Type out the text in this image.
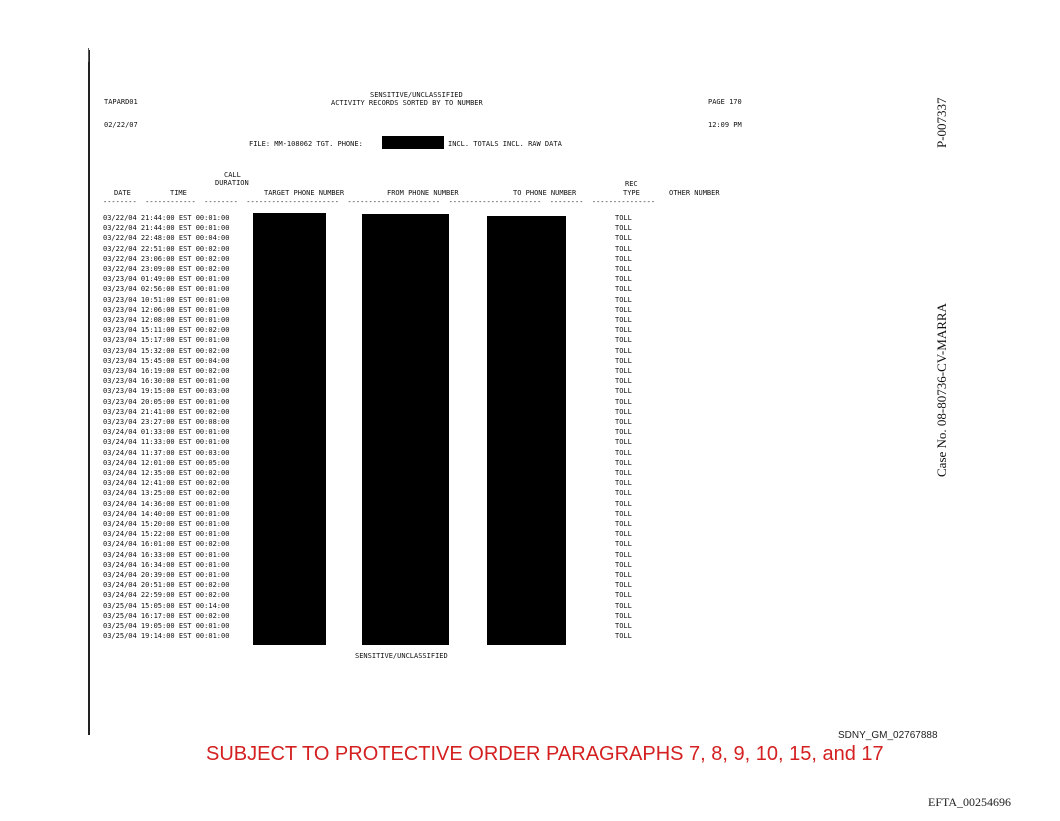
TAPARD01
02/22/07
SENSITIVE/UNCLASSIFIED
ACTIVITY RECORDS SORTED BY TO NUMBER	PAGE 170
12:09 PM
FILE: MM-108062 TGT. PHONE:	INCL. TOTALS INCL. RAW DATA
CALL
DURATION
DATE	TIME	TARGET PHONE NUMBER	FROM PHONE NUMBER	TO PHONE NUMBER
REC
TYPE	OTHER NUMBER
--------  ------------  --------  ----------------------  ----------------------  ----------------------  --------  ---------------
03/22/04 21:44:00 EST 00:01:00	TOLL
03/22/04 21:44:00 EST 00:01:00	TOLL
03/22/04 22:48:00 EST 00:04:00	TOLL
03/22/04 22:51:00 EST 00:02:00	TOLL
03/22/04 23:06:00 EST 00:02:00	TOLL
03/22/04 23:09:00 EST 00:02:00	TOLL
03/23/04 01:49:00 EST 00:01:00	TOLL
03/23/04 02:56:00 EST 00:01:00	TOLL
03/23/04 10:51:00 EST 00:01:00	TOLL
03/23/04 12:06:00 EST 00:01:00	TOLL
03/23/04 12:08:00 EST 00:01:00	TOLL
03/23/04 15:11:00 EST 00:02:00	TOLL
03/23/04 15:17:00 EST 00:01:00	TOLL
03/23/04 15:32:00 EST 00:02:00	TOLL
03/23/04 15:45:00 EST 00:04:00	TOLL
03/23/04 16:19:00 EST 00:02:00	TOLL
03/23/04 16:30:00 EST 00:01:00	TOLL
03/23/04 19:15:00 EST 00:03:00	TOLL
03/23/04 20:05:00 EST 00:01:00	TOLL
03/23/04 21:41:00 EST 00:02:00	TOLL
03/23/04 23:27:00 EST 00:08:00	TOLL
03/24/04 01:33:00 EST 00:01:00	TOLL
03/24/04 11:33:00 EST 00:01:00	TOLL
03/24/04 11:37:00 EST 00:03:00	TOLL
03/24/04 12:01:00 EST 00:05:00	TOLL
03/24/04 12:35:00 EST 00:02:00	TOLL
03/24/04 12:41:00 EST 00:02:00	TOLL
03/24/04 13:25:00 EST 00:02:00	TOLL
03/24/04 14:36:00 EST 00:01:00	TOLL
03/24/04 14:40:00 EST 00:01:00	TOLL
03/24/04 15:20:00 EST 00:01:00	TOLL
03/24/04 15:22:00 EST 00:01:00	TOLL
03/24/04 16:01:00 EST 00:02:00	TOLL
03/24/04 16:33:00 EST 00:01:00	TOLL
03/24/04 16:34:00 EST 00:01:00	TOLL
03/24/04 20:39:00 EST 00:01:00	TOLL
03/24/04 20:51:00 EST 00:02:00	TOLL
03/24/04 22:59:00 EST 00:02:00	TOLL
03/25/04 15:05:00 EST 00:14:00	TOLL
03/25/04 16:17:00 EST 00:02:00	TOLL
03/25/04 19:05:00 EST 00:01:00	TOLL
03/25/04 19:14:00 EST 00:01:00	TOLL
SENSITIVE/UNCLASSIFIED
SDNY_GM_02767888
SUBJECT TO PROTECTIVE ORDER PARAGRAPHS 7, 8, 9, 10, 15, and 17
EFTA_00254696
P-007337
Case No. 08-80736-CV-MARRA
